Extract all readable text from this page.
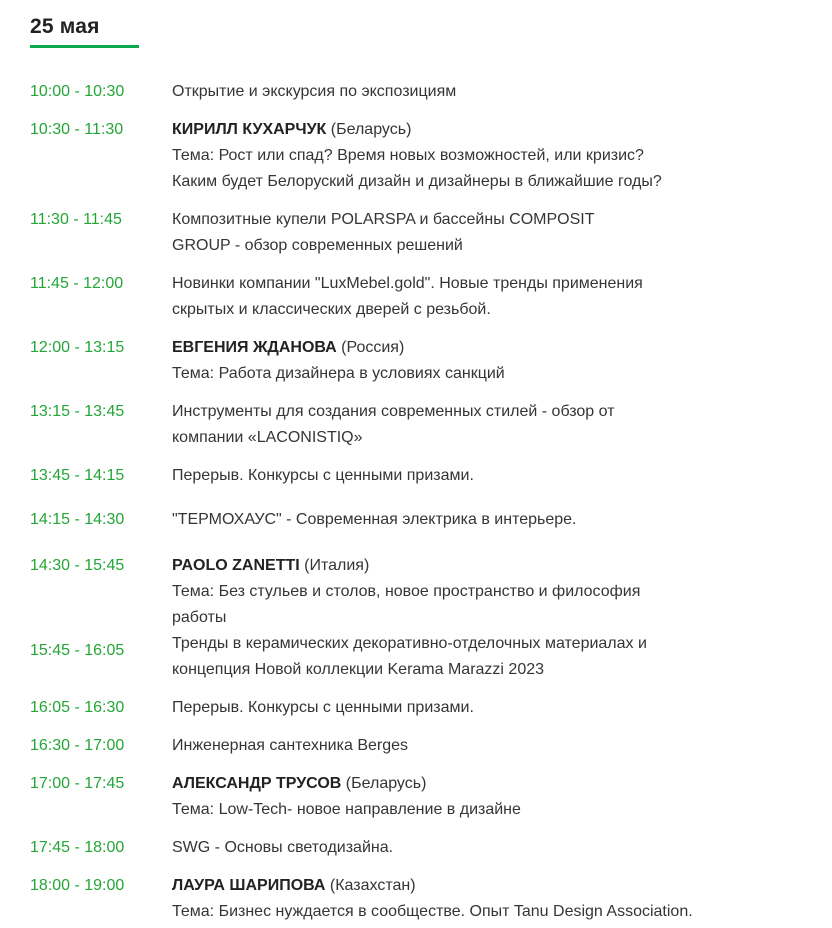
25 мая
10:00 - 10:30	Открытие и экскурсия по экспозициям
10:30 - 11:30	КИРИЛЛ КУХАРЧУК (Беларусь)
Тема: Рост или спад? Время новых возможностей, или кризис?
Каким будет Белоруский дизайн и дизайнеры в ближайшие годы?
11:30 - 11:45	Композитные купели POLARSPA и бассейны COMPOSIT
GROUP - обзор современных решений
11:45 - 12:00	Новинки компании "LuxMebel.gold". Новые тренды применения
скрытых и классических дверей с резьбой.
12:00 - 13:15	ЕВГЕНИЯ ЖДАНОВА (Россия)
Тема: Работа дизайнера в условиях санкций
13:15 - 13:45	Инструменты для создания современных стилей - обзор от
компании «LACONISTIQ»
13:45 - 14:15	Перерыв. Конкурсы с ценными призами.
14:15 - 14:30	"ТЕРМОХАУС" - Современная электрика в интерьере.
14:30 - 15:45	PAOLO ZANETTI (Италия)
Тема: Без стульев и столов, новое пространство и философия
работы
15:45 - 16:05	Тренды в керамических декоративно-отделочных материалах и
концепция Новой коллекции Kerama Marazzi 2023
16:05 - 16:30	Перерыв. Конкурсы с ценными призами.
16:30 - 17:00	Инженерная сантехника Berges
17:00 - 17:45	АЛЕКСАНДР ТРУСОВ (Беларусь)
Тема: Low-Tech- новое направление в дизайне
17:45 - 18:00	SWG - Основы светодизайна.
18:00 - 19:00	ЛАУРА ШАРИПОВА (Казахстан)
Тема: Бизнес нуждается в сообществе. Опыт Tanu Design Association.
